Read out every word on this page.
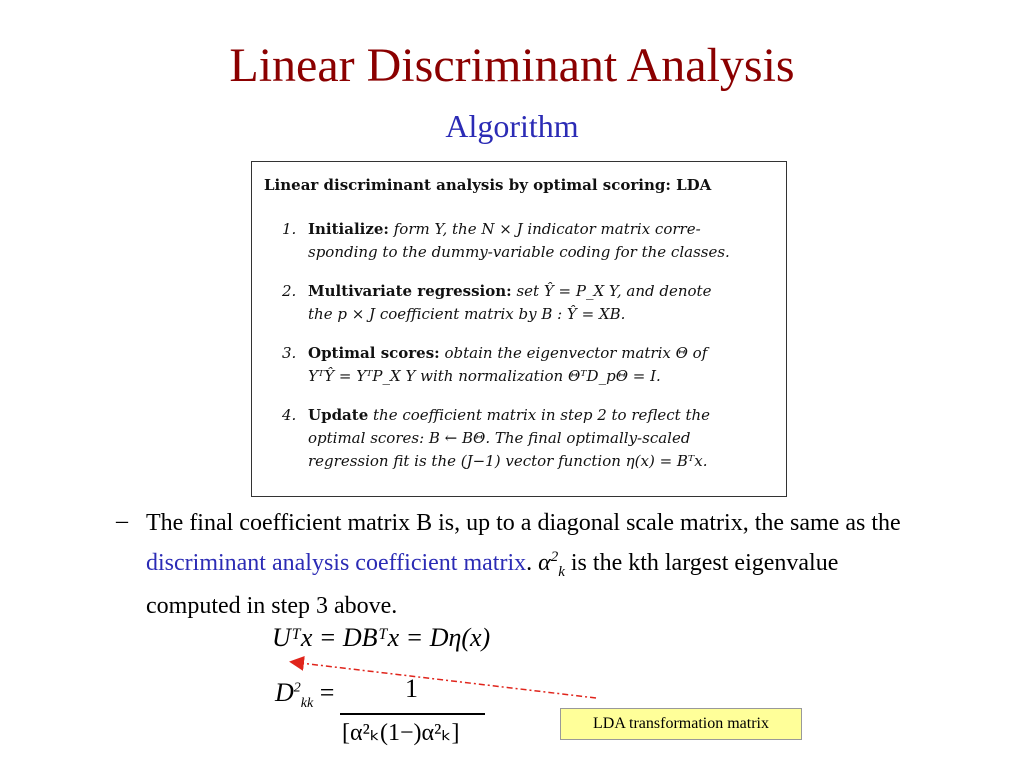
Linear Discriminant Analysis
Algorithm
Linear discriminant analysis by optimal scoring: LDA
1. Initialize: form Y, the N × J indicator matrix corre-
sponding to the dummy-variable coding for the classes.
2. Multivariate regression: set Ŷ = P_X Y, and denote
the p × J coefficient matrix by B : Ŷ = XB.
3. Optimal scores: obtain the eigenvector matrix Θ of
YᵀŶ = YᵀP_X Y with normalization ΘᵀD_pΘ = I.
4. Update the coefficient matrix in step 2 to reflect the
optimal scores: B ← BΘ. The final optimally-scaled
regression fit is the (J−1) vector function η(x) = Bᵀx.
– The final coefficient matrix B is, up to a diagonal scale matrix, the same as the discriminant analysis coefficient matrix. $\alpha^2_k$ is the kth largest eigenvalue computed in step 3 above.
Uᵀx = DBᵀx = Dη(x)
$D^2_{kk}$ =	1
[α²ₖ(1−)α²ₖ]	LDA transformation matrix
